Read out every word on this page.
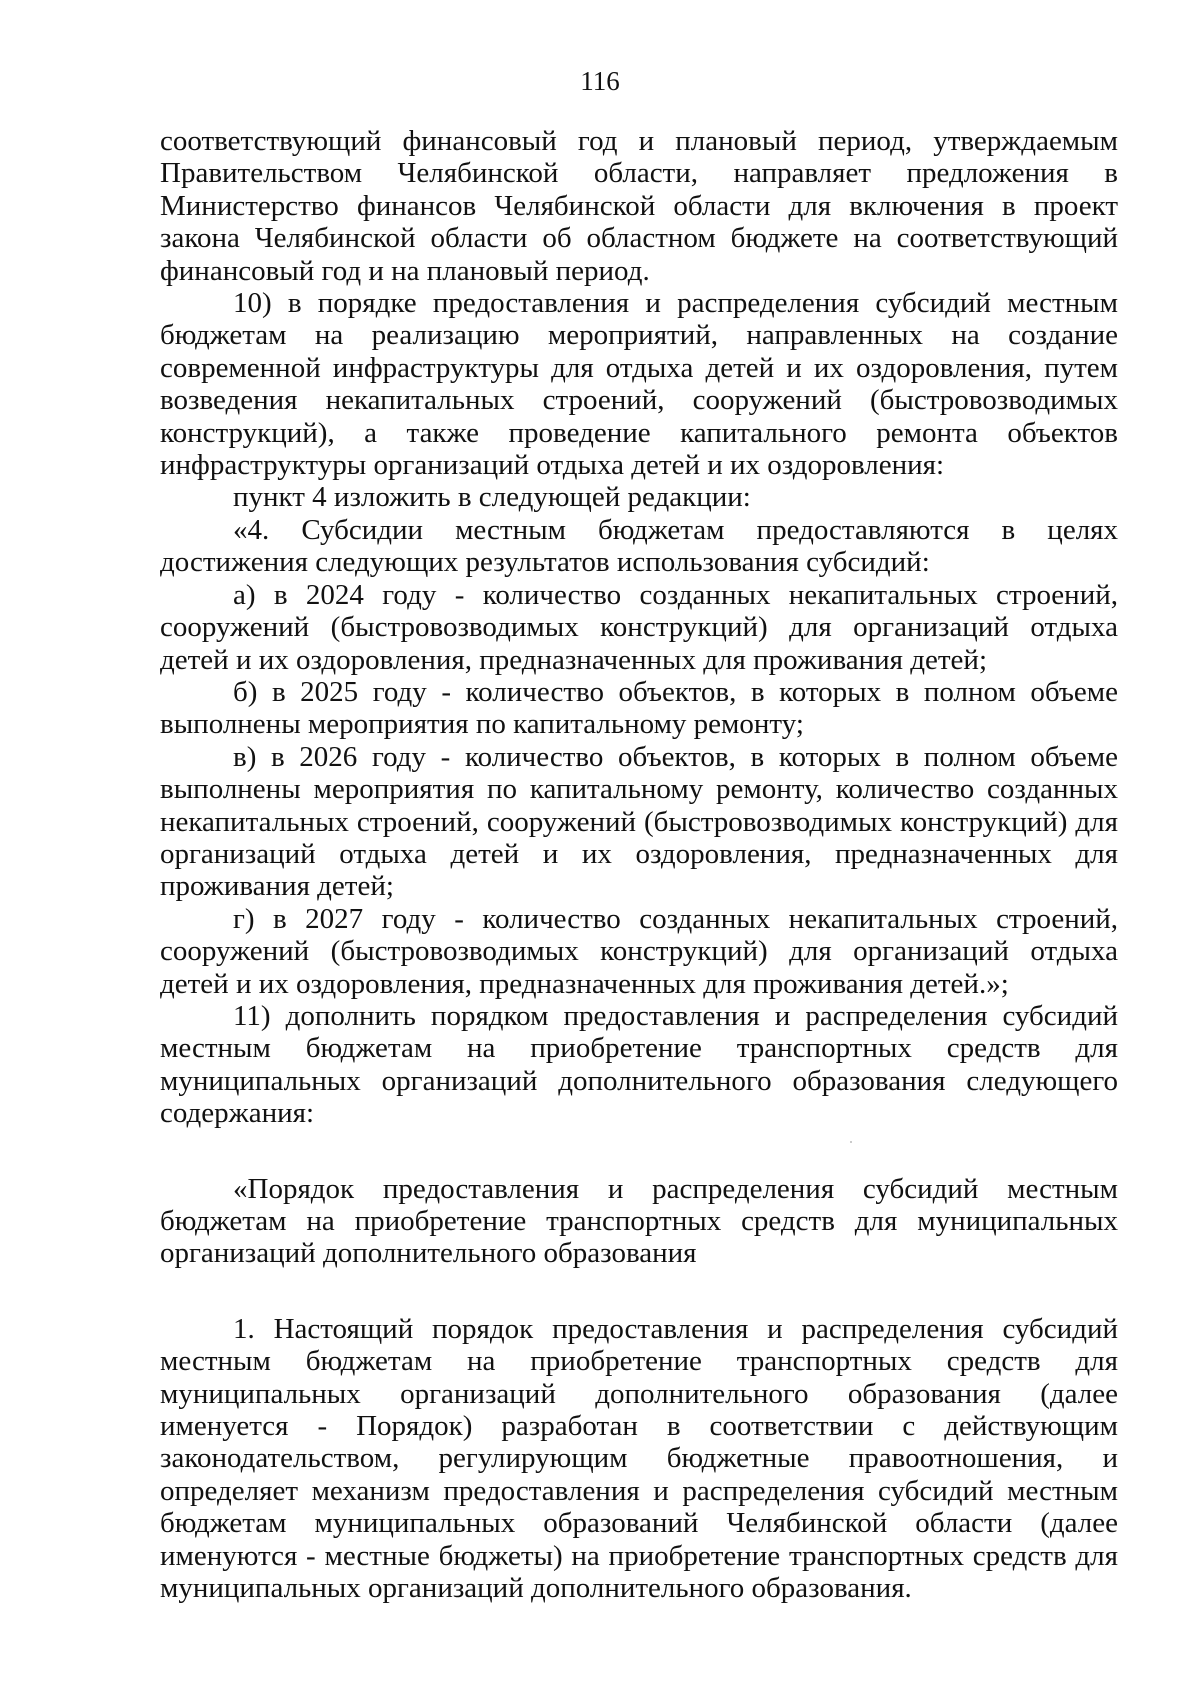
116

соответствующий финансовый год и плановый период, утверждаемым Правительством Челябинской области, направляет предложения в Министерство финансов Челябинской области для включения в проект закона Челябинской области об областном бюджете на соответствующий финансовый год и на плановый период.

10) в порядке предоставления и распределения субсидий местным бюджетам на реализацию мероприятий, направленных на создание современной инфраструктуры для отдыха детей и их оздоровления, путем возведения некапитальных строений, сооружений (быстровозводимых конструкций), а также проведение капитального ремонта объектов инфраструктуры организаций отдыха детей и их оздоровления:

пункт 4 изложить в следующей редакции:

«4. Субсидии местным бюджетам предоставляются в целях достижения следующих результатов использования субсидий:

а) в 2024 году - количество созданных некапитальных строений, сооружений (быстровозводимых конструкций) для организаций отдыха детей и их оздоровления, предназначенных для проживания детей;

б) в 2025 году - количество объектов, в которых в полном объеме выполнены мероприятия по капитальному ремонту;

в) в 2026 году - количество объектов, в которых в полном объеме выполнены мероприятия по капитальному ремонту, количество созданных некапитальных строений, сооружений (быстровозводимых конструкций) для организаций отдыха детей и их оздоровления, предназначенных для проживания детей;

г) в 2027 году - количество созданных некапитальных строений, сооружений (быстровозводимых конструкций) для организаций отдыха детей и их оздоровления, предназначенных для проживания детей.»;

11) дополнить порядком предоставления и распределения субсидий местным бюджетам на приобретение транспортных средств для муниципальных организаций дополнительного образования следующего содержания:

«Порядок предоставления и распределения субсидий местным бюджетам на приобретение транспортных средств для муниципальных организаций дополнительного образования

1. Настоящий порядок предоставления и распределения субсидий местным бюджетам на приобретение транспортных средств для муниципальных организаций дополнительного образования (далее именуется - Порядок) разработан в соответствии с действующим законодательством, регулирующим бюджетные правоотношения, и определяет механизм предоставления и распределения субсидий местным бюджетам муниципальных образований Челябинской области (далее именуются - местные бюджеты) на приобретение транспортных средств для муниципальных организаций дополнительного образования.
